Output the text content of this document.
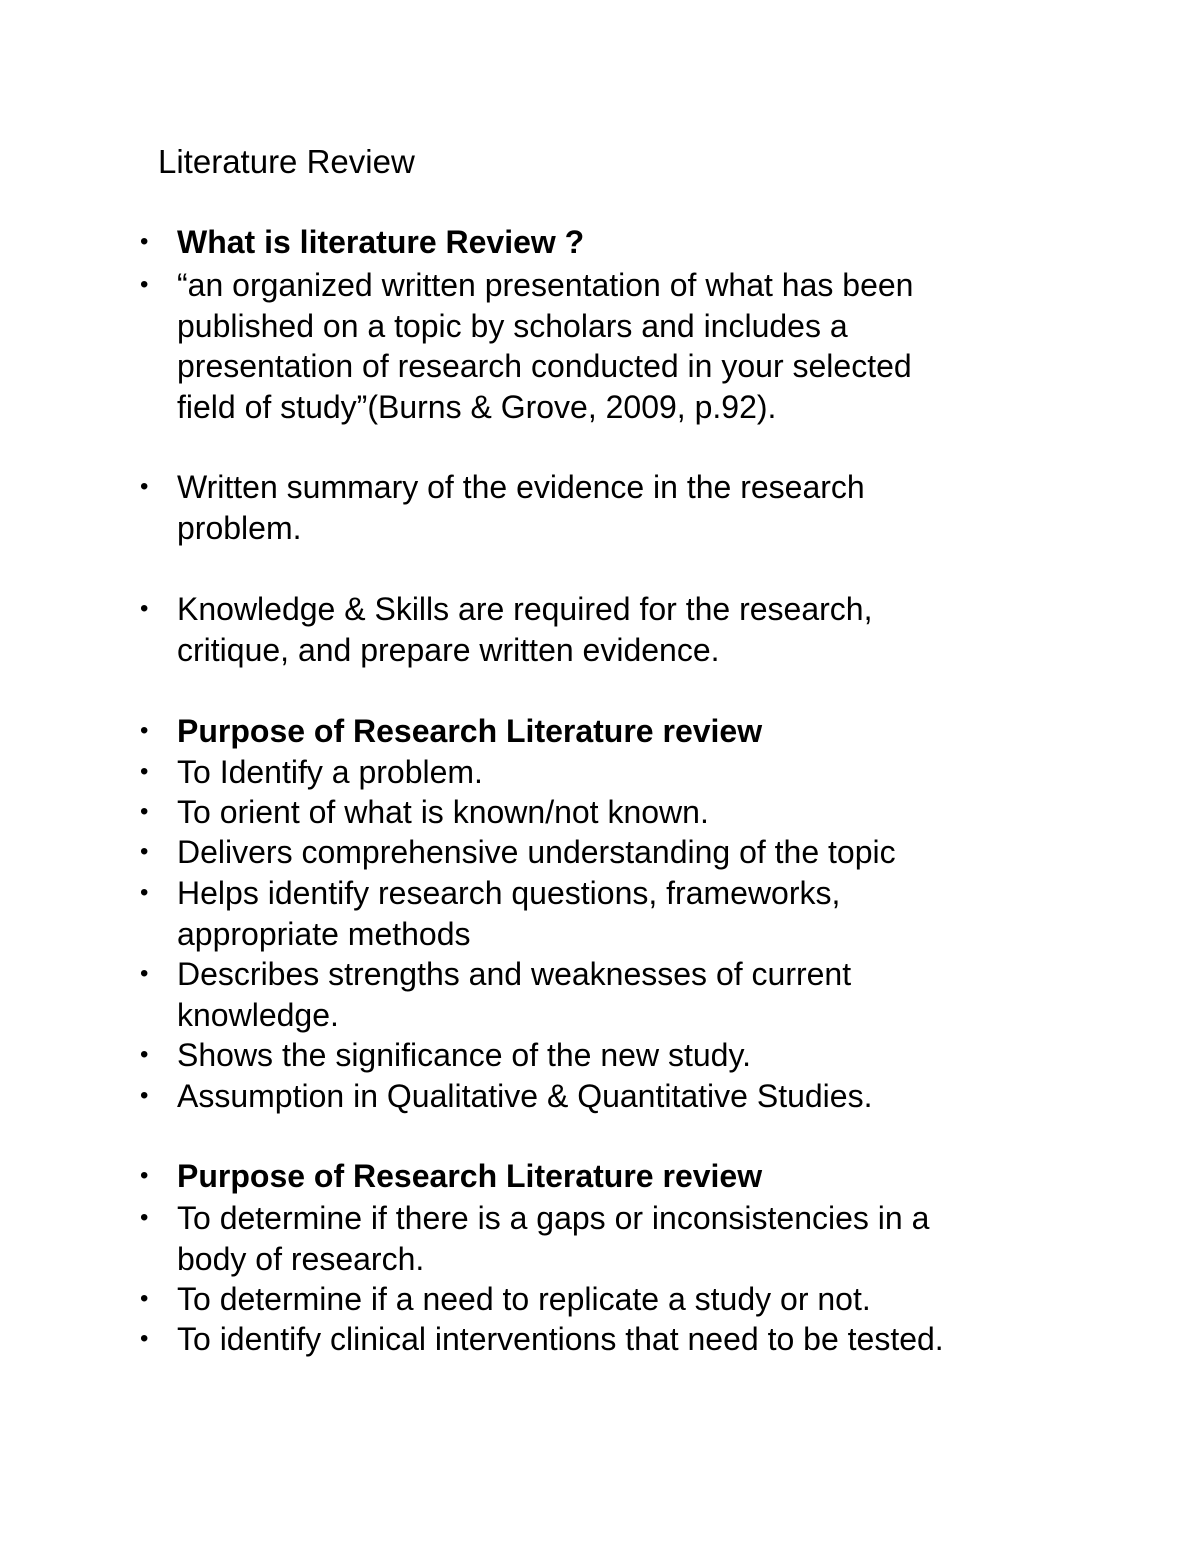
Literature Review
• What is literature Review ?
• “an organized written presentation of what has been
published on a topic by scholars and includes a
presentation of research conducted in your selected
field of study”(Burns & Grove, 2009, p.92).
• Written summary of the evidence in the research
problem.
• Knowledge & Skills are required for the research,
critique, and prepare written evidence.
• Purpose of Research Literature review
• To Identify a problem.
• To orient of what is known/not known.
• Delivers comprehensive understanding of the topic
• Helps identify research questions, frameworks,
appropriate methods
• Describes strengths and weaknesses of current
knowledge.
• Shows the significance of the new study.
• Assumption in Qualitative & Quantitative Studies.
• Purpose of Research Literature review
• To determine if there is a gaps or inconsistencies in a
body of research.
• To determine if a need to replicate a study or not.
• To identify clinical interventions that need to be tested.
